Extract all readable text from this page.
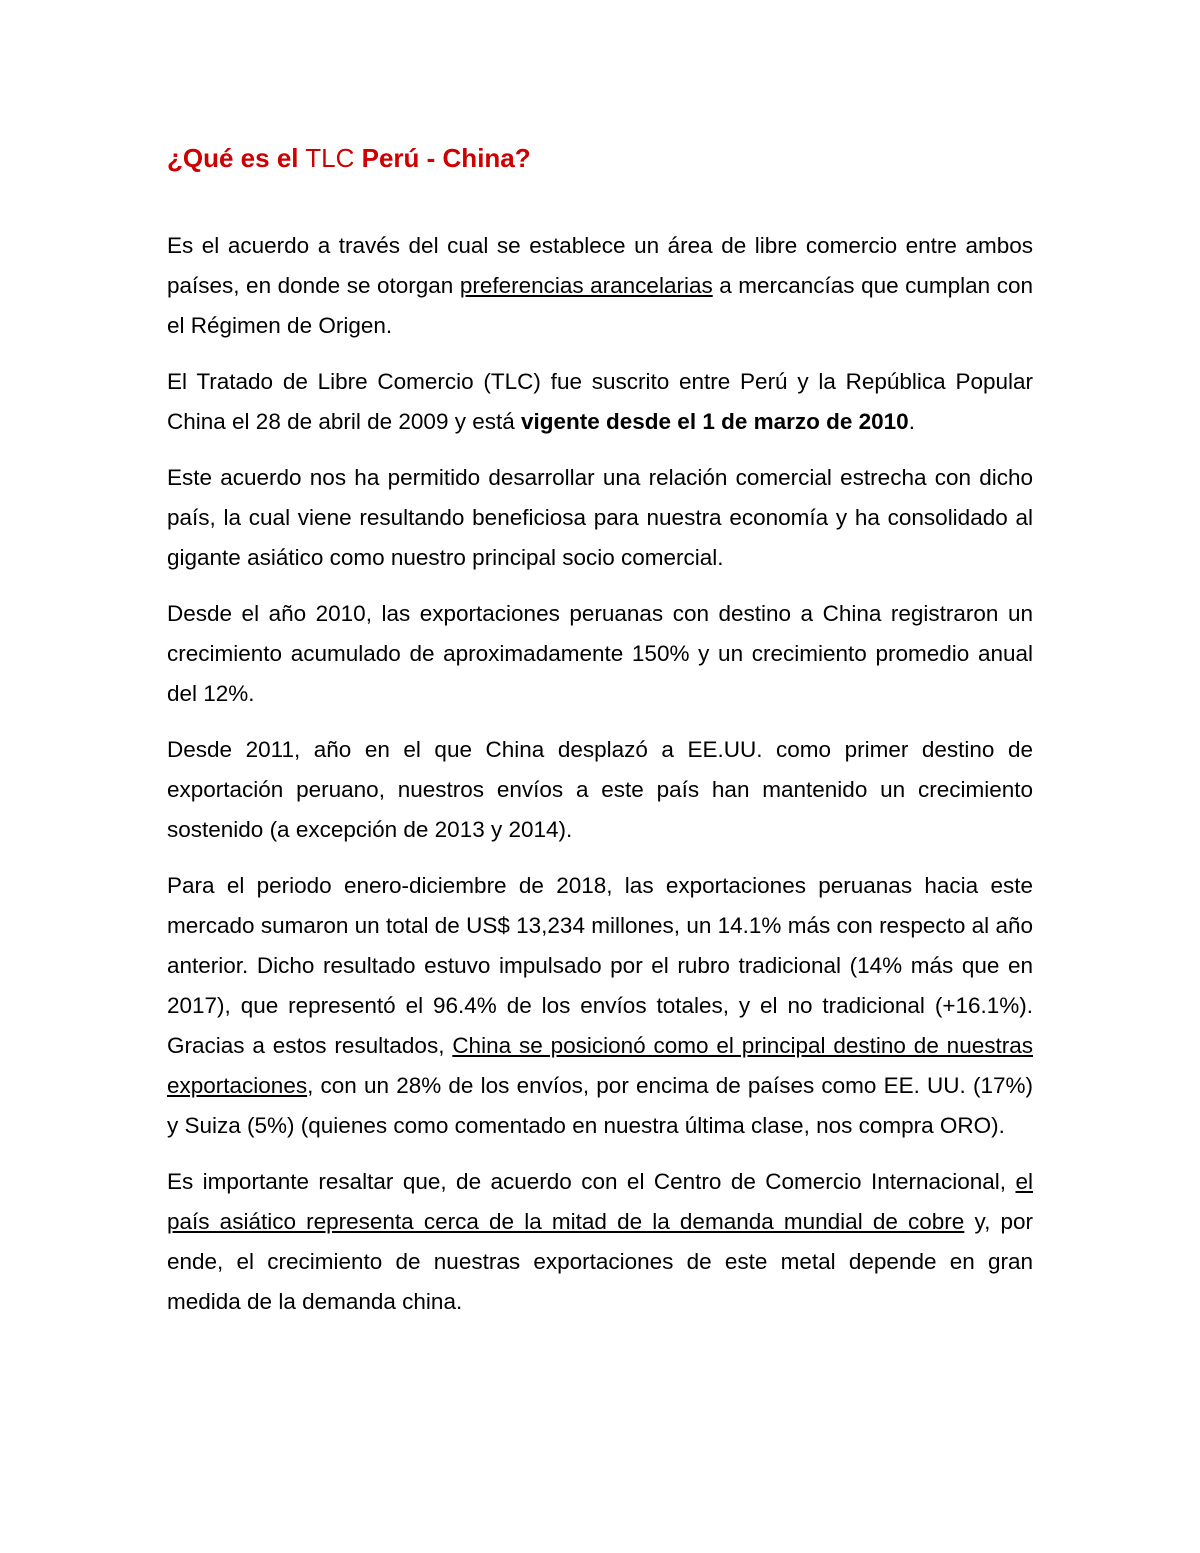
¿Qué es el TLC Perú - China?

Es el acuerdo a través del cual se establece un área de libre comercio entre ambos países, en donde se otorgan preferencias arancelarias a mercancías que cumplan con el Régimen de Origen.

El Tratado de Libre Comercio (TLC) fue suscrito entre Perú y la República Popular China el 28 de abril de 2009 y está vigente desde el 1 de marzo de 2010.

Este acuerdo nos ha permitido desarrollar una relación comercial estrecha con dicho país, la cual viene resultando beneficiosa para nuestra economía y ha consolidado al gigante asiático como nuestro principal socio comercial.

Desde el año 2010, las exportaciones peruanas con destino a China registraron un crecimiento acumulado de aproximadamente 150% y un crecimiento promedio anual del 12%.

Desde 2011, año en el que China desplazó a EE.UU. como primer destino de exportación peruano, nuestros envíos a este país han mantenido un crecimiento sostenido (a excepción de 2013 y 2014).

Para el periodo enero-diciembre de 2018, las exportaciones peruanas hacia este mercado sumaron un total de US$ 13,234 millones, un 14.1% más con respecto al año anterior. Dicho resultado estuvo impulsado por el rubro tradicional (14% más que en 2017), que representó el 96.4% de los envíos totales, y el no tradicional (+16.1%). Gracias a estos resultados, China se posicionó como el principal destino de nuestras exportaciones, con un 28% de los envíos, por encima de países como EE. UU. (17%) y Suiza (5%) (quienes como comentado en nuestra última clase, nos compra ORO).

Es importante resaltar que, de acuerdo con el Centro de Comercio Internacional, el país asiático representa cerca de la mitad de la demanda mundial de cobre y, por ende, el crecimiento de nuestras exportaciones de este metal depende en gran medida de la demanda china.
